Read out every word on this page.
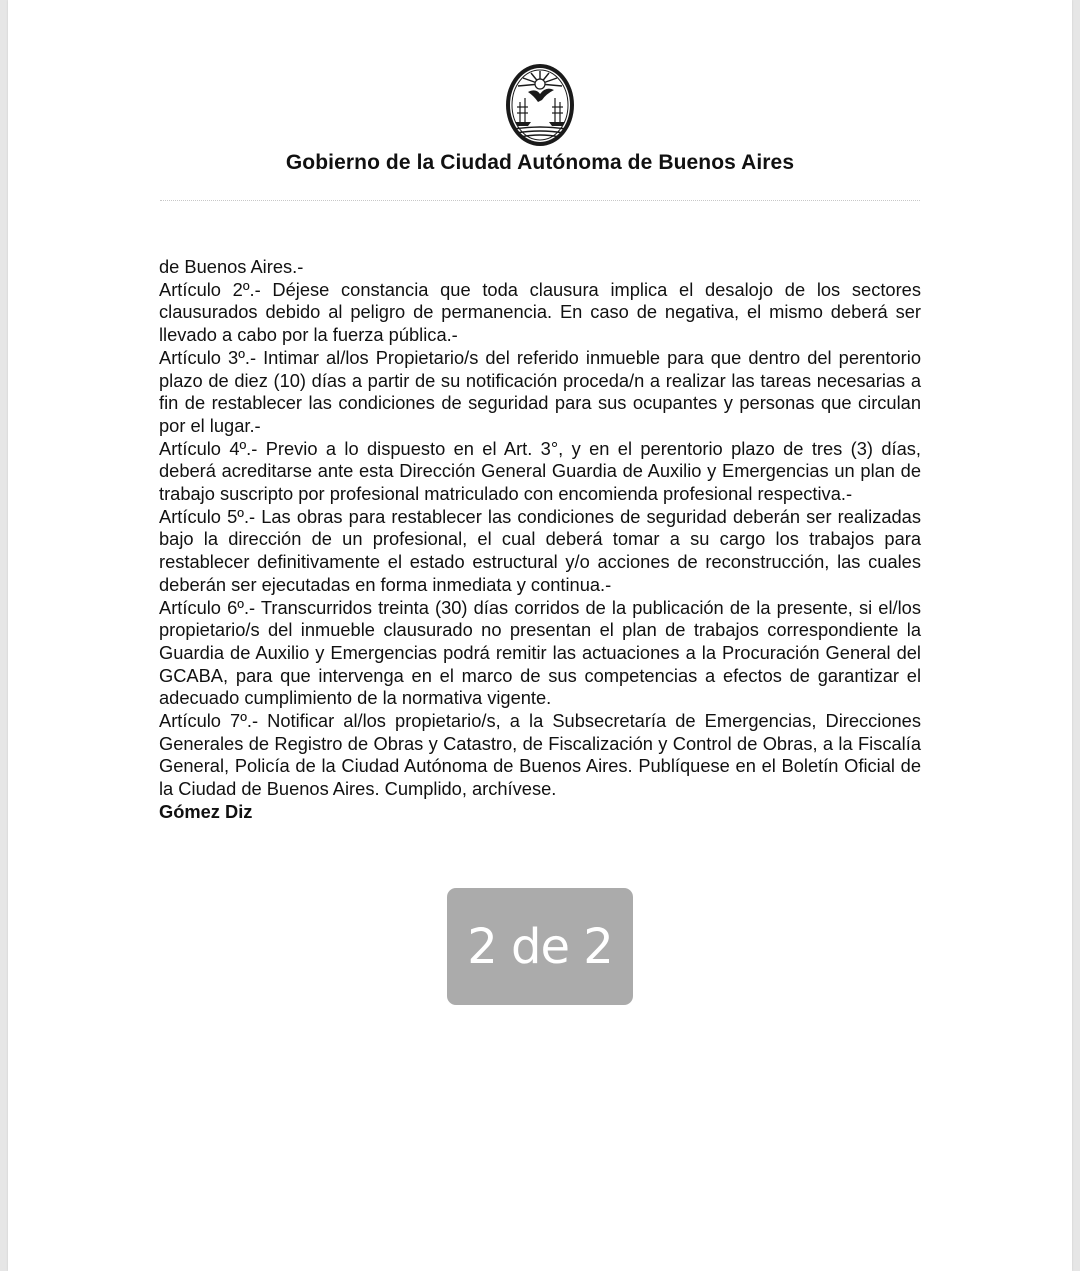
Gobierno de la Ciudad Autónoma de Buenos Aires

de Buenos Aires.-

Artículo 2º.- Déjese constancia que toda clausura implica el desalojo de los sectores clausurados debido al peligro de permanencia. En caso de negativa, el mismo deberá ser llevado a cabo por la fuerza pública.-

Artículo 3º.- Intimar al/los Propietario/s del referido inmueble para que dentro del perentorio plazo de diez (10) días a partir de su notificación proceda/n a realizar las tareas necesarias a fin de restablecer las condiciones de seguridad para sus ocupantes y personas que circulan por el lugar.-

Artículo 4º.- Previo a lo dispuesto en el Art. 3°, y en el perentorio plazo de tres (3) días, deberá acreditarse ante esta Dirección General Guardia de Auxilio y Emergencias un plan de trabajo suscripto por profesional matriculado con encomienda profesional respectiva.-

Artículo 5º.- Las obras para restablecer las condiciones de seguridad deberán ser realizadas bajo la dirección de un profesional, el cual deberá tomar a su cargo los trabajos para restablecer definitivamente el estado estructural y/o acciones de reconstrucción, las cuales deberán ser ejecutadas en forma inmediata y continua.-

Artículo 6º.- Transcurridos treinta (30) días corridos de la publicación de la presente, si el/los propietario/s del inmueble clausurado no presentan el plan de trabajos correspondiente la Guardia de Auxilio y Emergencias podrá remitir las actuaciones a la Procuración General del GCABA, para que intervenga en el marco de sus competencias a efectos de garantizar el adecuado cumplimiento de la normativa vigente.

Artículo 7º.- Notificar al/los propietario/s, a la Subsecretaría de Emergencias, Direcciones Generales de Registro de Obras y Catastro, de Fiscalización y Control de Obras, a la Fiscalía General, Policía de la Ciudad Autónoma de Buenos Aires. Publíquese en el Boletín Oficial de la Ciudad de Buenos Aires. Cumplido, archívese.

Gómez Diz

2 de 2
